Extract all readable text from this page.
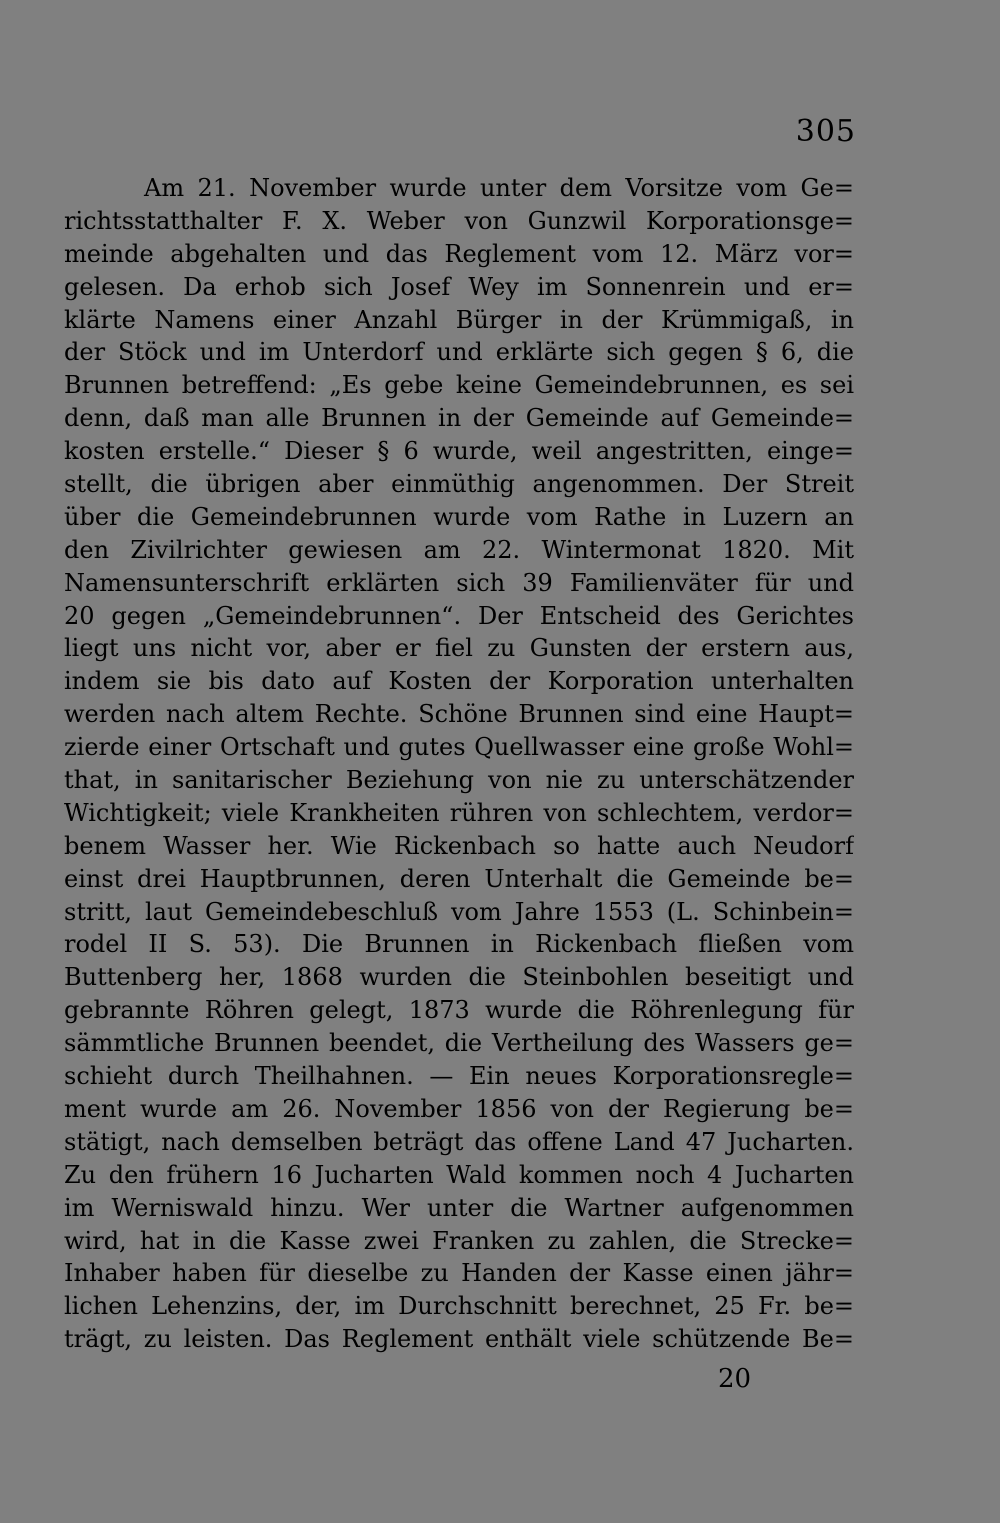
305
Am 21. November wurde unter dem Vorsitze vom Ge=
richtsstatthalter F. X. Weber von Gunzwil Korporationsge=
meinde abgehalten und das Reglement vom 12. März vor=
gelesen. Da erhob sich Josef Wey im Sonnenrein und er=
klärte Namens einer Anzahl Bürger in der Krümmigaß, in
der Stöck und im Unterdorf und erklärte sich gegen § 6, die
Brunnen betreffend: „Es gebe keine Gemeindebrunnen, es sei
denn, daß man alle Brunnen in der Gemeinde auf Gemeinde=
kosten erstelle.“ Dieser § 6 wurde, weil angestritten, einge=
stellt, die übrigen aber einmüthig angenommen. Der Streit
über die Gemeindebrunnen wurde vom Rathe in Luzern an
den Zivilrichter gewiesen am 22. Wintermonat 1820. Mit
Namensunterschrift erklärten sich 39 Familienväter für und
20 gegen „Gemeindebrunnen“. Der Entscheid des Gerichtes
liegt uns nicht vor, aber er fiel zu Gunsten der erstern aus,
indem sie bis dato auf Kosten der Korporation unterhalten
werden nach altem Rechte. Schöne Brunnen sind eine Haupt=
zierde einer Ortschaft und gutes Quellwasser eine große Wohl=
that, in sanitarischer Beziehung von nie zu unterschätzender
Wichtigkeit; viele Krankheiten rühren von schlechtem, verdor=
benem Wasser her. Wie Rickenbach so hatte auch Neudorf
einst drei Hauptbrunnen, deren Unterhalt die Gemeinde be=
stritt, laut Gemeindebeschluß vom Jahre 1553 (L. Schinbein=
rodel II S. 53). Die Brunnen in Rickenbach fließen vom
Buttenberg her, 1868 wurden die Steinbohlen beseitigt und
gebrannte Röhren gelegt, 1873 wurde die Röhrenlegung für
sämmtliche Brunnen beendet, die Vertheilung des Wassers ge=
schieht durch Theilhahnen. — Ein neues Korporationsregle=
ment wurde am 26. November 1856 von der Regierung be=
stätigt, nach demselben beträgt das offene Land 47 Jucharten.
Zu den frühern 16 Jucharten Wald kommen noch 4 Jucharten
im Werniswald hinzu. Wer unter die Wartner aufgenommen
wird, hat in die Kasse zwei Franken zu zahlen, die Strecke=
Inhaber haben für dieselbe zu Handen der Kasse einen jähr=
lichen Lehenzins, der, im Durchschnitt berechnet, 25 Fr. be=
trägt, zu leisten. Das Reglement enthält viele schützende Be=
20
